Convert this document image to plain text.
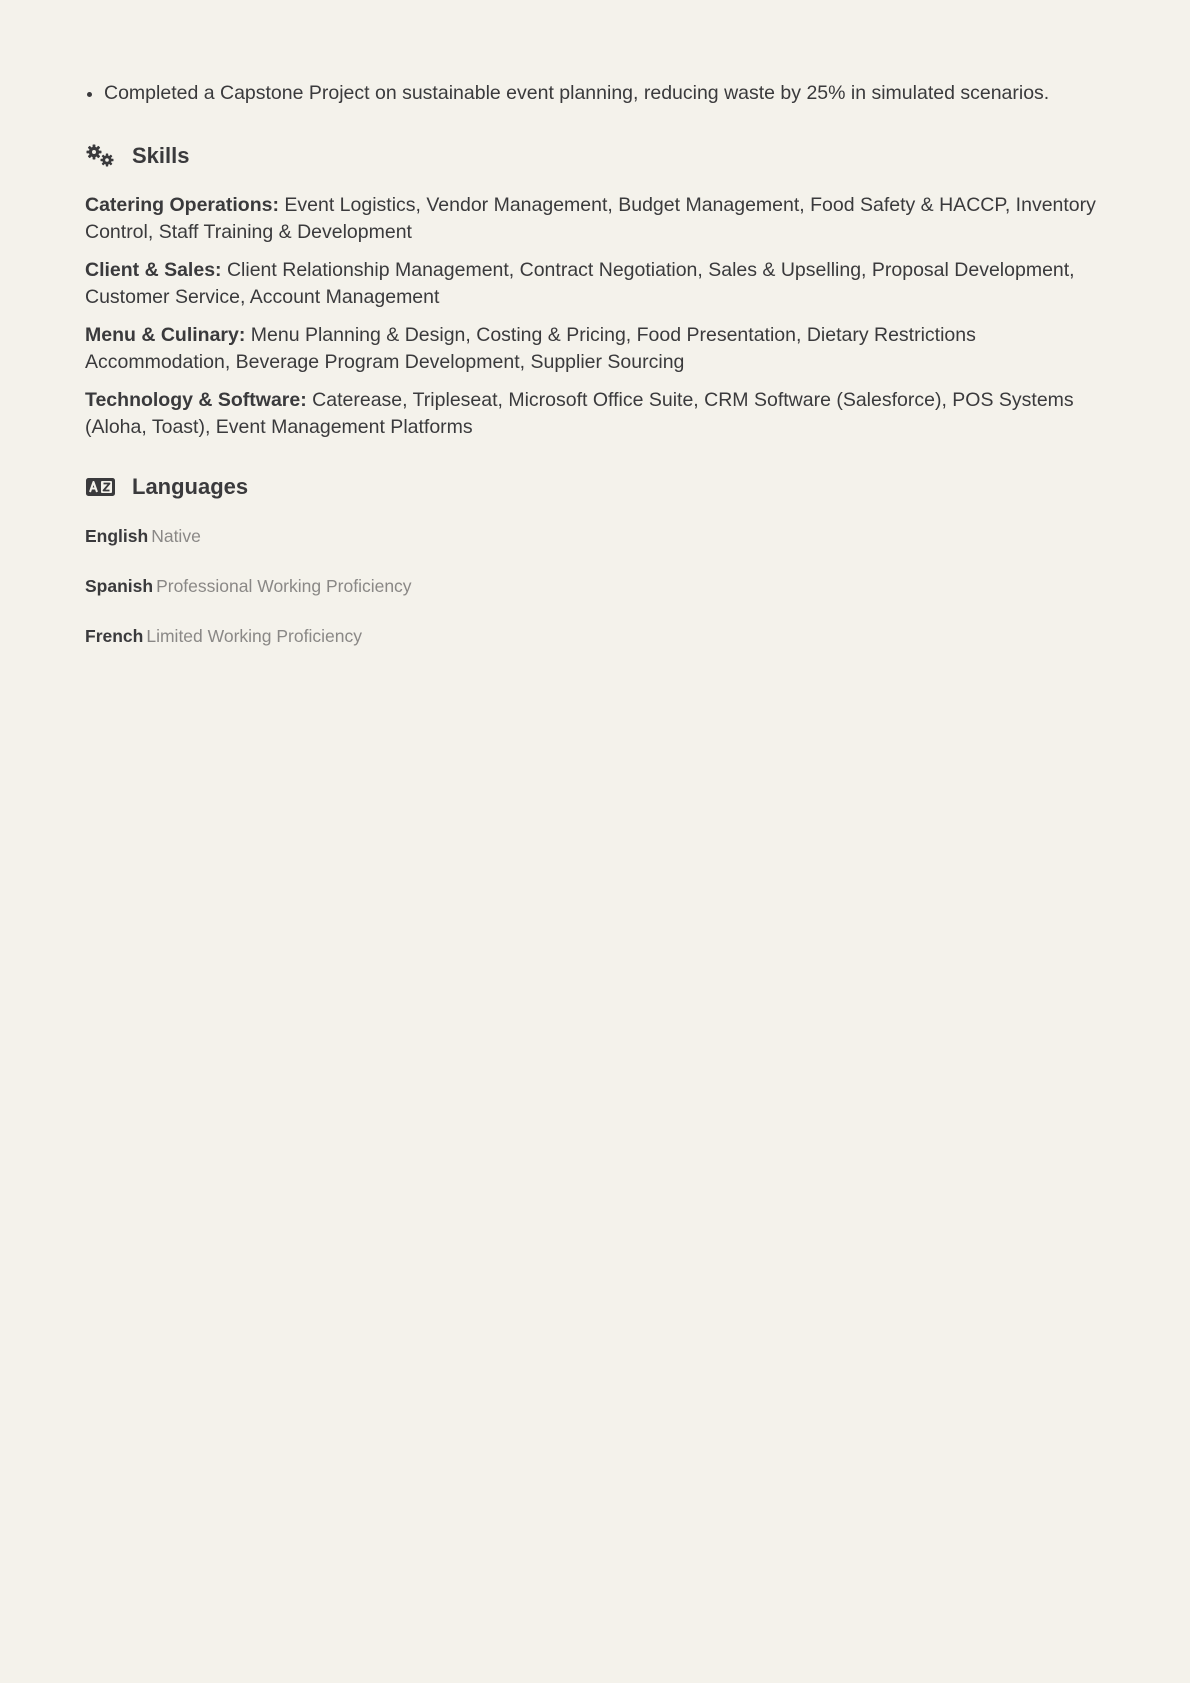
Completed a Capstone Project on sustainable event planning, reducing waste by 25% in simulated scenarios.
Skills

Catering Operations: Event Logistics, Vendor Management, Budget Management, Food Safety & HACCP, Inventory Control, Staff Training & Development

Client & Sales: Client Relationship Management, Contract Negotiation, Sales & Upselling, Proposal Development, Customer Service, Account Management

Menu & Culinary: Menu Planning & Design, Costing & Pricing, Food Presentation, Dietary Restrictions Accommodation, Beverage Program Development, Supplier Sourcing

Technology & Software: Caterease, Tripleseat, Microsoft Office Suite, CRM Software (Salesforce), POS Systems (Aloha, Toast), Event Management Platforms

Languages
English Native
Spanish Professional Working Proficiency
French Limited Working Proficiency
